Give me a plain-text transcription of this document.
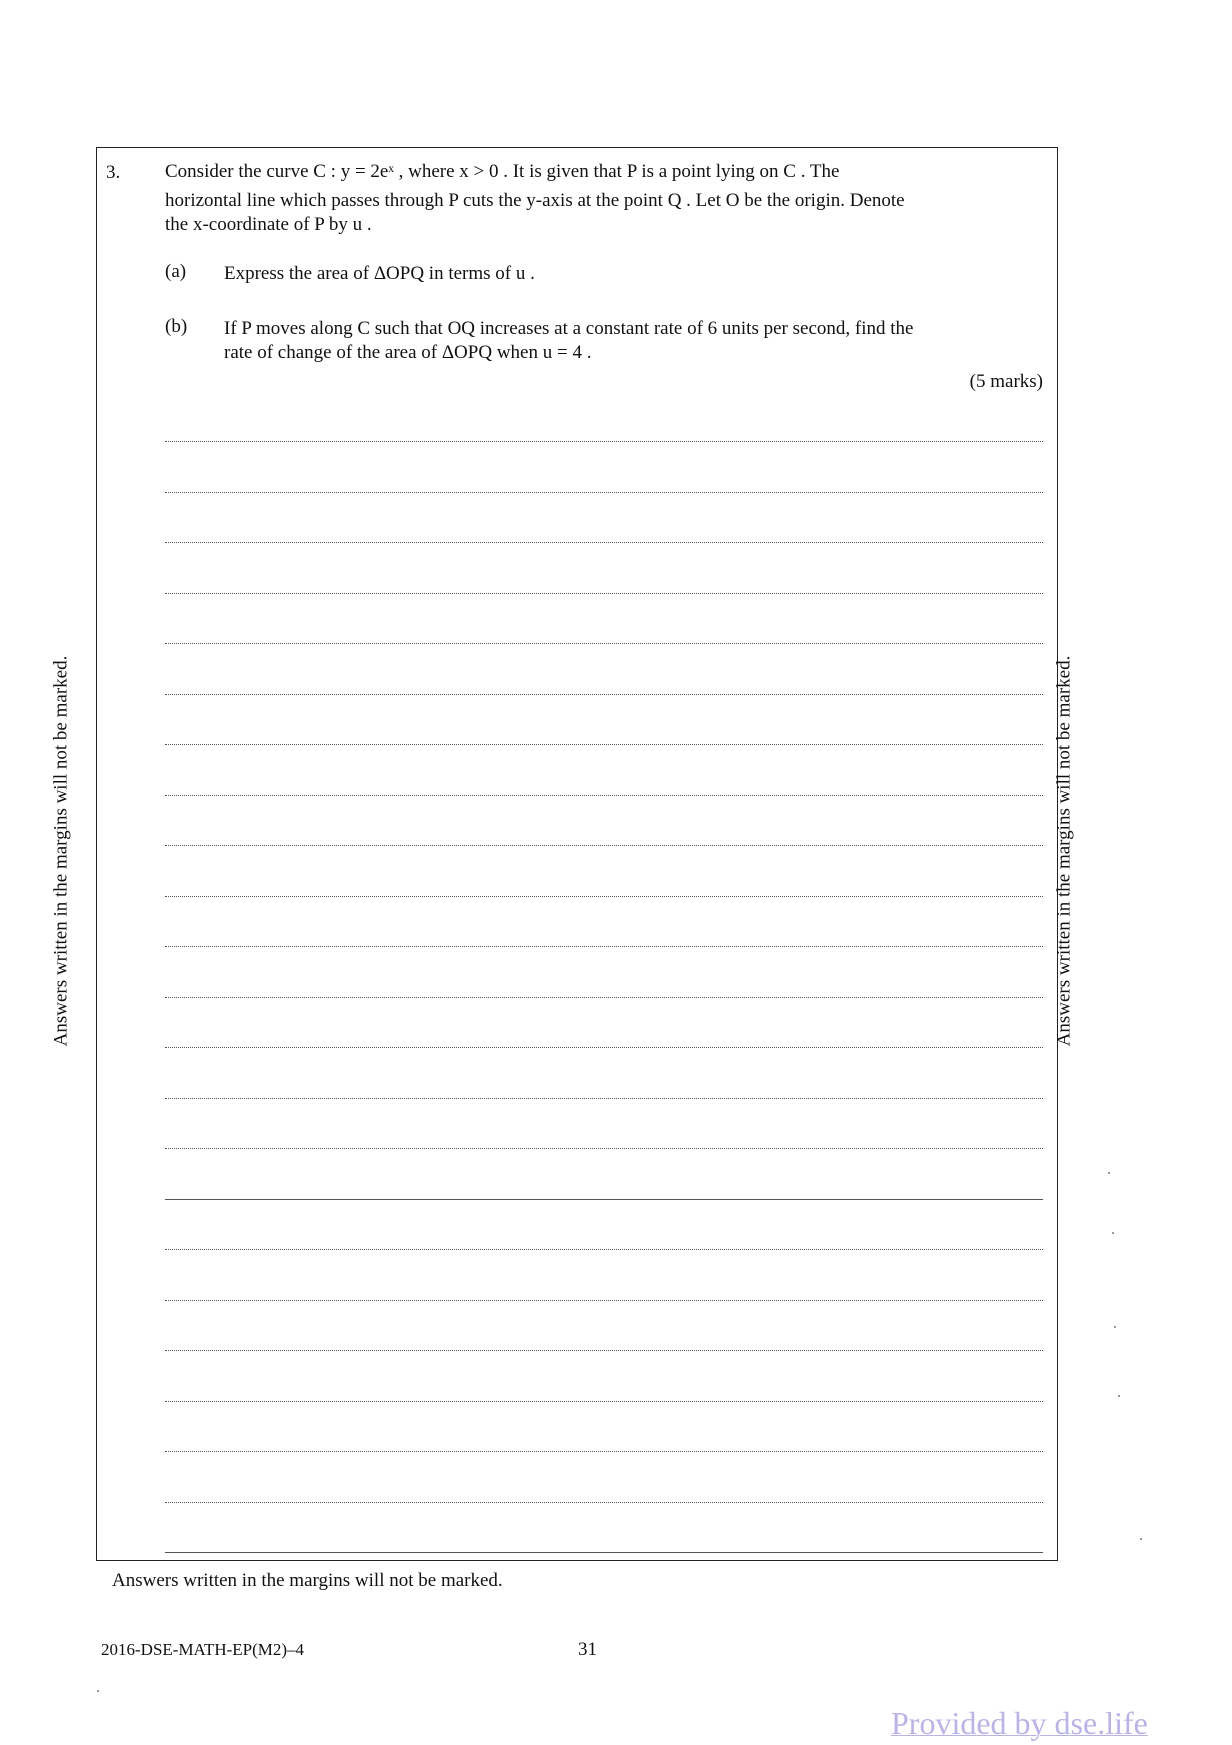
3. Consider the curve C : y = 2eˣ , where x > 0 . It is given that P is a point lying on C . The
horizontal line which passes through P cuts the y-axis at the point Q . Let O be the origin. Denote
the x-coordinate of P by u .
(a) Express the area of ΔOPQ in terms of u .
(b) If P moves along C such that OQ increases at a constant rate of 6 units per second, find the
rate of change of the area of ΔOPQ when u = 4 .
(5 marks)
Answers written in the margins will not be marked.	Answers written in the margins will not be marked.
Answers written in the margins will not be marked.
2016-DSE-MATH-EP(M2)–4	31
Provided by dse.life
